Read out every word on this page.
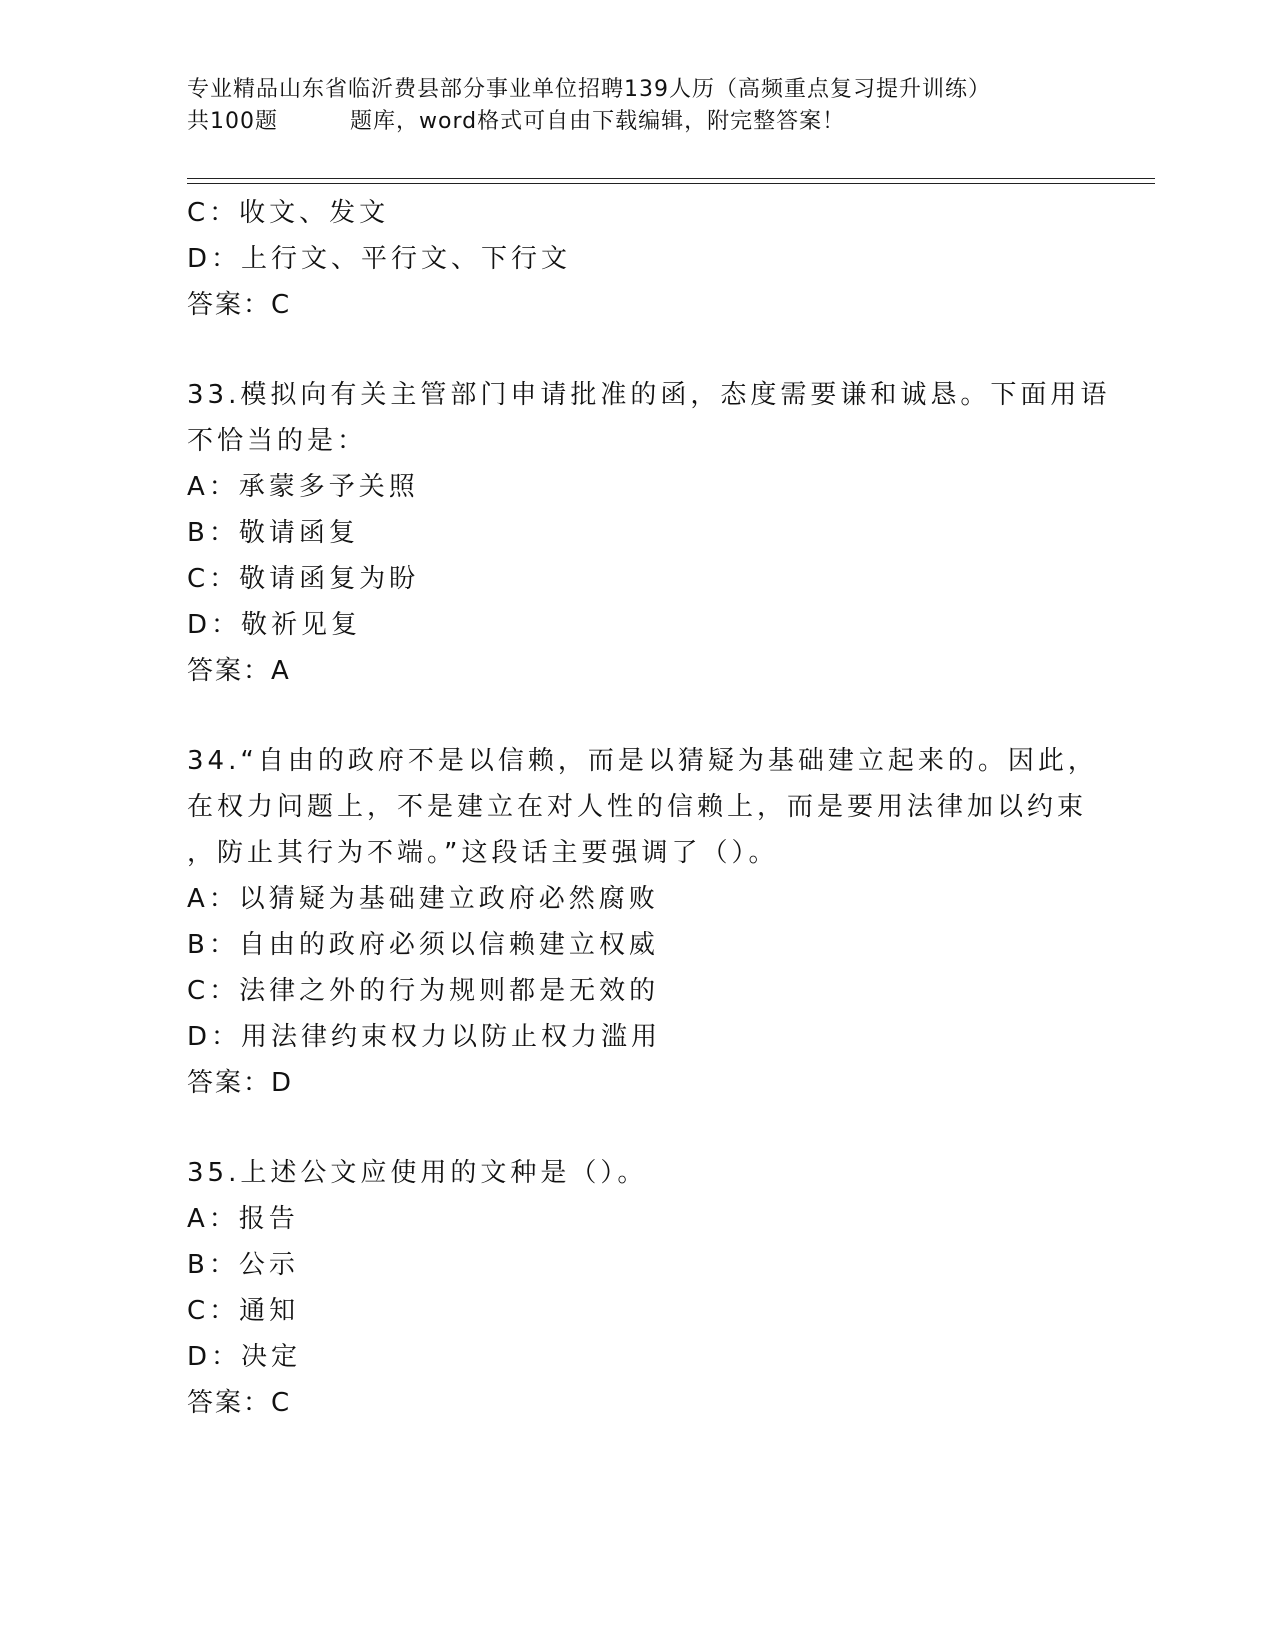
专业精品山东省临沂费县部分事业单位招聘139人历（高频重点复习提升训练）
共100题	题库，word格式可自由下载编辑，附完整答案！
C：收文、发文
D：上行文、平行文、下行文
答案：C
33.模拟向有关主管部门申请批准的函，态度需要谦和诚恳。下面用语
不恰当的是：
A：承蒙多予关照
B：敬请函复
C：敬请函复为盼
D：敬祈见复
答案：A
34.“自由的政府不是以信赖，而是以猜疑为基础建立起来的。因此，
在权力问题上，不是建立在对人性的信赖上，而是要用法律加以约束
，防止其行为不端。”这段话主要强调了（）。
A：以猜疑为基础建立政府必然腐败
B：自由的政府必须以信赖建立权威
C：法律之外的行为规则都是无效的
D：用法律约束权力以防止权力滥用
答案：D
35.上述公文应使用的文种是（）。
A：报告
B：公示
C：通知
D：决定
答案：C
